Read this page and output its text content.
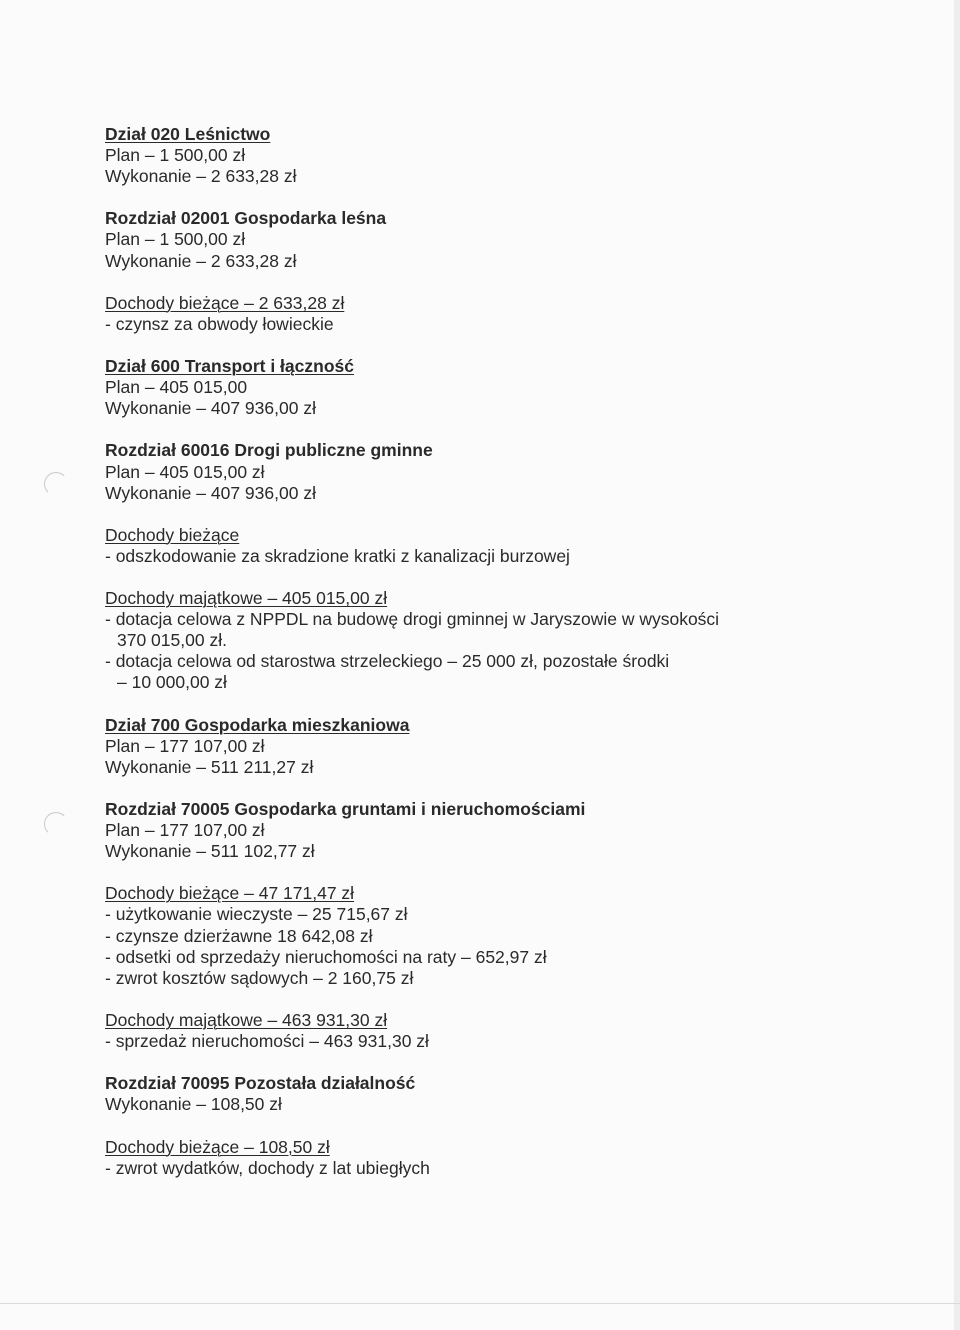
Dział 020 Leśnictwo
Plan – 1 500,00 zł
Wykonanie – 2 633,28 zł
Rozdział 02001 Gospodarka leśna
Plan – 1 500,00 zł
Wykonanie – 2 633,28 zł
Dochody bieżące – 2 633,28 zł
- czynsz za obwody łowieckie
Dział 600 Transport i łączność
Plan – 405 015,00
Wykonanie – 407 936,00 zł
Rozdział 60016 Drogi publiczne gminne
Plan – 405 015,00 zł
Wykonanie – 407 936,00 zł
Dochody bieżące
- odszkodowanie za skradzione kratki z kanalizacji burzowej
Dochody majątkowe – 405 015,00 zł
- dotacja celowa z NPPDL na budowę drogi gminnej w Jaryszowie w wysokości
370 015,00 zł.
- dotacja celowa od starostwa strzeleckiego – 25 000 zł, pozostałe środki
– 10 000,00 zł
Dział 700 Gospodarka mieszkaniowa
Plan – 177 107,00 zł
Wykonanie – 511 211,27 zł
Rozdział 70005 Gospodarka gruntami i nieruchomościami
Plan – 177 107,00 zł
Wykonanie – 511 102,77 zł
Dochody bieżące – 47 171,47 zł
- użytkowanie wieczyste – 25 715,67 zł
- czynsze dzierżawne 18 642,08 zł
- odsetki od sprzedaży nieruchomości na raty – 652,97 zł
- zwrot kosztów sądowych – 2 160,75 zł
Dochody majątkowe – 463 931,30 zł
- sprzedaż nieruchomości – 463 931,30 zł
Rozdział 70095 Pozostała działalność
Wykonanie – 108,50 zł
Dochody bieżące – 108,50 zł
- zwrot wydatków, dochody z lat ubiegłych
